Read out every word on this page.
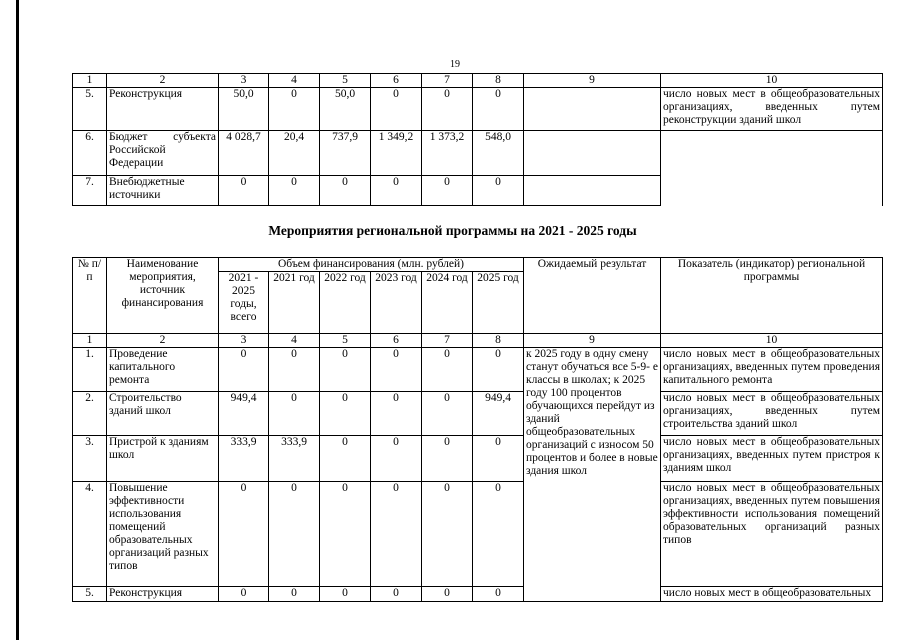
19
1	2	3	4	5	6	7	8	9	10
5.	Реконструкция	50,0	0	50,0	0	0	0		число новых мест в общеобразовательных организациях, введенных путем реконструкции зданий школ
6.	Бюджет субъекта Российской Федерации	4 028,7	20,4	737,9	1 349,2	1 373,2	548,0		
7.	Внебюджетные источники	0	0	0	0	0	0		
Мероприятия региональной программы на 2021 - 2025 годы
№ п/п	Наименование мероприятия, источник финансирования	Объем финансирования (млн. рублей)						Ожидаемый результат	Показатель (индикатор) региональной программы
		2021 - 2025 годы, всего	2021 год	2022 год	2023 год	2024 год	2025 год		
1	2	3	4	5	6	7	8	9	10
1.	Проведение капитального ремонта	0	0	0	0	0	0	к 2025 году в одну смену станут обучаться все 5-9- е классы в школах; к 2025 году 100 процентов обучающихся перейдут из зданий общеобразовательных организаций с износом 50 процентов и более в новые здания школ	число новых мест в общеобразовательных организациях, введенных путем проведения капитального ремонта
2.	Строительство зданий школ	949,4	0	0	0	0	949,4		число новых мест в общеобразовательных организациях, введенных путем строительства зданий школ
3.	Пристрой к зданиям школ	333,9	333,9	0	0	0	0		число новых мест в общеобразовательных организациях, введенных путем пристроя к зданиям школ
4.	Повышение эффективности использования помещений образовательных организаций разных типов	0	0	0	0	0	0		число новых мест в общеобразовательных организациях, введенных путем повышения эффективности использования помещений образовательных организаций разных типов
5.	Реконструкция	0	0	0	0	0	0		число новых мест в общеобразовательных
